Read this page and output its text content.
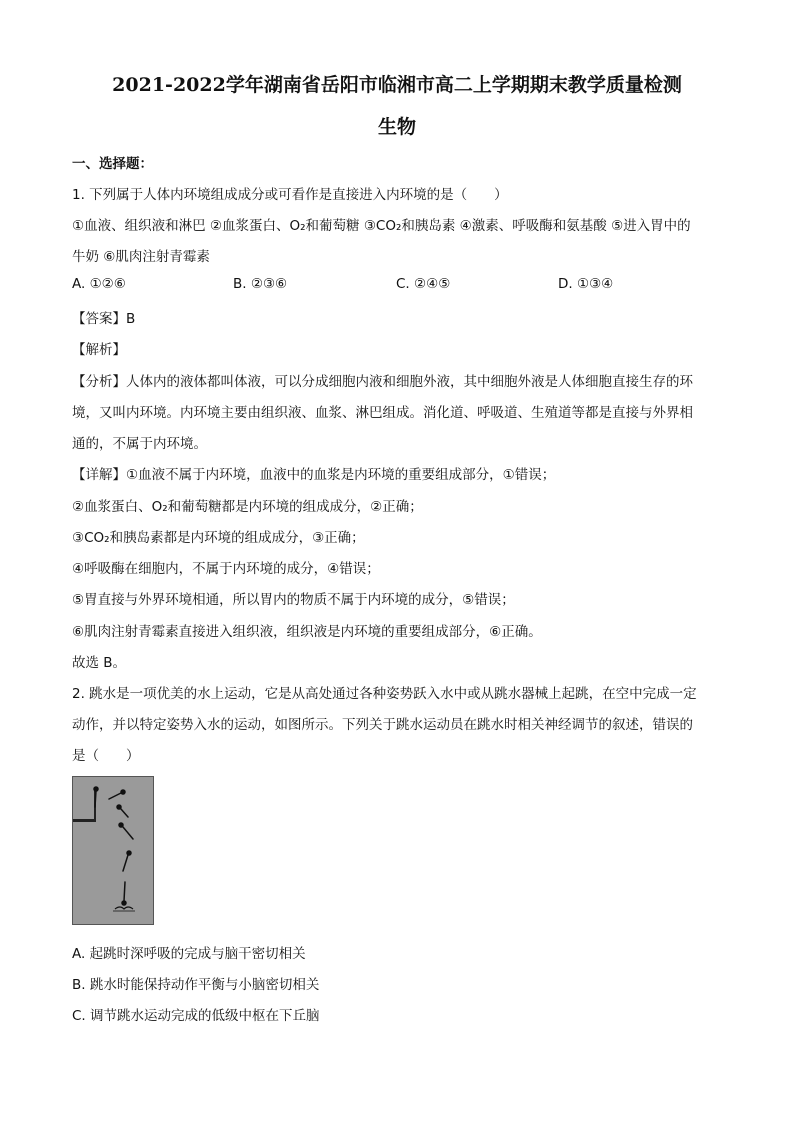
2021-2022学年湖南省岳阳市临湘市高二上学期期末教学质量检测
生物
一、选择题：
1. 下列属于人体内环境组成成分或可看作是直接进入内环境的是（　　）
①血液、组织液和淋巴 ②血浆蛋白、O₂和葡萄糖 ③CO₂和胰岛素 ④激素、呼吸酶和氨基酸 ⑤进入胃中的
牛奶 ⑥肌肉注射青霉素
A. ①②⑥	B. ②③⑥	C. ②④⑤	D. ①③④
【答案】B
【解析】
【分析】人体内的液体都叫体液，可以分成细胞内液和细胞外液，其中细胞外液是人体细胞直接生存的环
境，又叫内环境。内环境主要由组织液、血浆、淋巴组成。消化道、呼吸道、生殖道等都是直接与外界相
通的，不属于内环境。
【详解】①血液不属于内环境，血液中的血浆是内环境的重要组成部分，①错误；
②血浆蛋白、O₂和葡萄糖都是内环境的组成成分，②正确；
③CO₂和胰岛素都是内环境的组成成分，③正确；
④呼吸酶在细胞内，不属于内环境的成分，④错误；
⑤胃直接与外界环境相通，所以胃内的物质不属于内环境的成分，⑤错误；
⑥肌肉注射青霉素直接进入组织液，组织液是内环境的重要组成部分，⑥正确。
故选 B。
2. 跳水是一项优美的水上运动，它是从高处通过各种姿势跃入水中或从跳水器械上起跳，在空中完成一定
动作，并以特定姿势入水的运动，如图所示。下列关于跳水运动员在跳水时相关神经调节的叙述，错误的
是（　　）
A. 起跳时深呼吸的完成与脑干密切相关
B. 跳水时能保持动作平衡与小脑密切相关
C. 调节跳水运动完成的低级中枢在下丘脑
